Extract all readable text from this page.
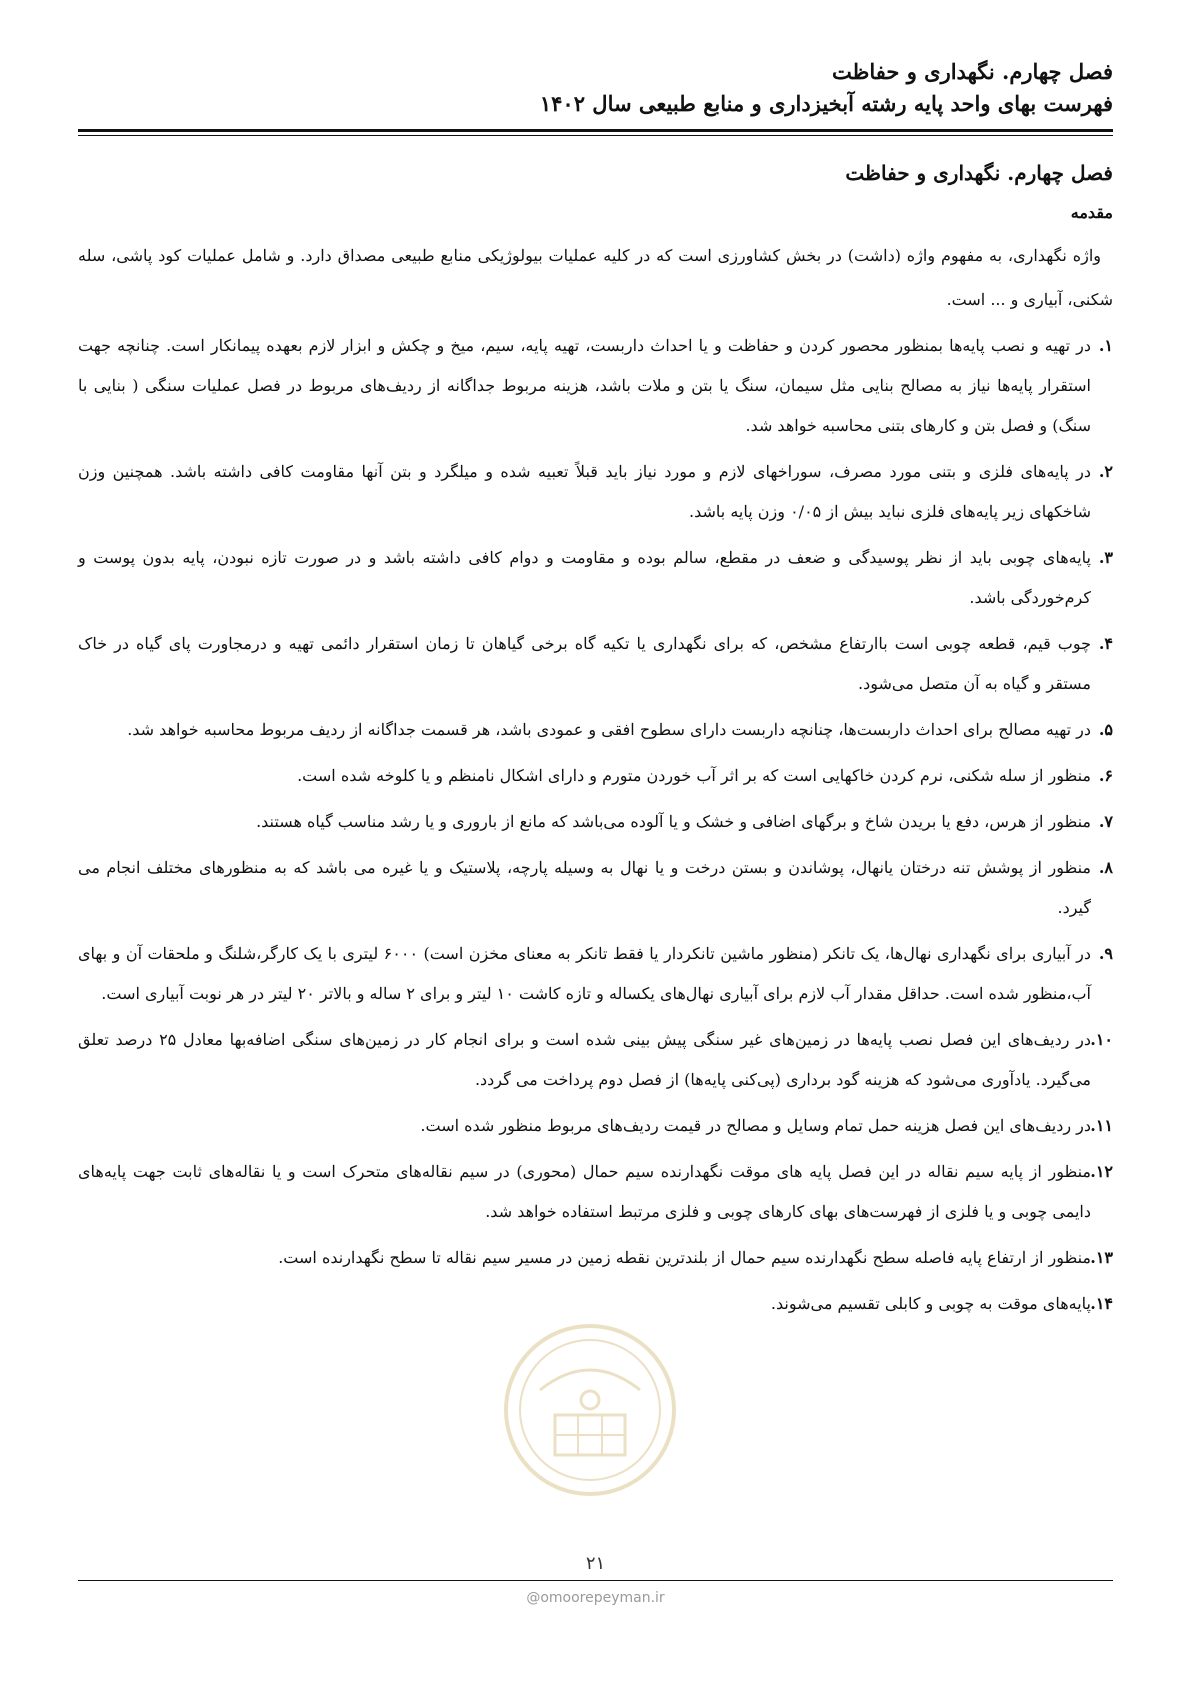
فصل چهارم. نگهداری و حفاظت
فهرست بهای واحد پایه رشته آبخیزداری و منابع طبیعی سال ۱۴۰۲
فصل چهارم. نگهداری و حفاظت
مقدمه

واژه نگهداری، به مفهوم واژه (داشت) در بخش کشاورزی است که در کلیه عملیات بیولوژیکی منابع طبیعی مصداق دارد. و شامل عملیات کود پاشی، سله شکنی، آبیاری و ... است.

۱.
در تهیه و نصب پایه‌ها بمنظور محصور کردن و حفاظت و یا احداث داربست، تهیه پایه، سیم، میخ و چکش و ابزار لازم بعهده پیمانکار است. چنانچه جهت استقرار پایه‌ها نیاز به مصالح بنایی مثل سیمان، سنگ یا بتن و ملات باشد، هزینه مربوط جداگانه از ردیف‌های مربوط در فصل عملیات سنگی ( بنایی با سنگ) و فصل بتن و کارهای بتنی محاسبه خواهد شد.
۲.
در پایه‌های فلزی و بتنی مورد مصرف، سوراخهای لازم و مورد نیاز باید قبلاً تعبیه شده و میلگرد و بتن آنها مقاومت کافی داشته باشد. همچنین وزن شاخکهای زیر پایه‌های فلزی نباید بیش از ۰/۰۵ وزن پایه باشد.
۳.
پایه‌های چوبی باید از نظر پوسیدگی و ضعف در مقطع، سالم بوده و مقاومت و دوام کافی داشته باشد و در صورت تازه نبودن، پایه بدون پوست و کرم‌خوردگی باشد.
۴.
چوب قیم، قطعه چوبی است باارتفاع مشخص، که برای نگهداری یا تکیه گاه برخی گیاهان تا زمان استقرار دائمی تهیه و درمجاورت پای گیاه در خاک مستقر و گیاه به آن متصل می‌شود.
۵.
در تهیه مصالح برای احداث داربست‌ها، چنانچه داربست دارای سطوح افقی و عمودی باشد، هر قسمت جداگانه از ردیف مربوط محاسبه خواهد شد.
۶.
منظور از سله شکنی، نرم کردن خاکهایی است که بر اثر آب خوردن متورم و دارای اشکال نامنظم و یا کلوخه شده است.
۷.
منظور از هرس، دفع یا بریدن شاخ و برگهای اضافی و خشک و یا آلوده می‌باشد که مانع از باروری و یا رشد مناسب گیاه هستند.
۸.
منظور از پوشش تنه درختان یانهال، پوشاندن و بستن درخت و یا نهال به وسیله پارچه، پلاستیک و یا غیره می باشد که به منظورهای مختلف انجام می گیرد.
۹.
در آبیاری برای نگهداری نهال‌ها، یک تانکر (منظور ماشین تانکردار یا فقط تانکر به معنای مخزن است) ۶۰۰۰ لیتری با یک کارگر،شلنگ و ملحقات آن و بهای آب،منظور شده است. حداقل مقدار آب لازم برای آبیاری نهال‌های یکساله و تازه کاشت ۱۰ لیتر و برای ۲ ساله و بالاتر ۲۰ لیتر در هر نوبت آبیاری است.
۱۰.
در ردیف‌های این فصل نصب پایه‌ها در زمین‌های غیر سنگی پیش بینی شده است و برای انجام کار در زمین‌های سنگی اضافه‌بها معادل ۲۵ درصد تعلق می‌گیرد. یادآوری می‌شود که هزینه گود برداری (پی‌کنی پایه‌ها) از فصل دوم پرداخت می گردد.
۱۱.
در ردیف‌های این فصل هزینه حمل تمام وسایل و مصالح در قیمت ردیف‌های مربوط منظور شده است.
۱۲.
منظور از پایه سیم نقاله در این فصل پایه های موقت نگهدارنده سیم حمال (محوری) در سیم نقاله‌های متحرک است و یا نقاله‌های ثابت جهت پایه‌های دایمی چوبی و یا فلزی از فهرست‌های بهای کارهای چوبی و فلزی مرتبط استفاده خواهد شد.
۱۳.
منظور از ارتفاع پایه فاصله سطح نگهدارنده سیم حمال از بلندترین نقطه زمین در مسیر سیم نقاله تا سطح نگهدارنده است.
۱۴.
پایه‌های موقت به چوبی و کابلی تقسیم می‌شوند.
۲۱
@omoorepeyman.ir
